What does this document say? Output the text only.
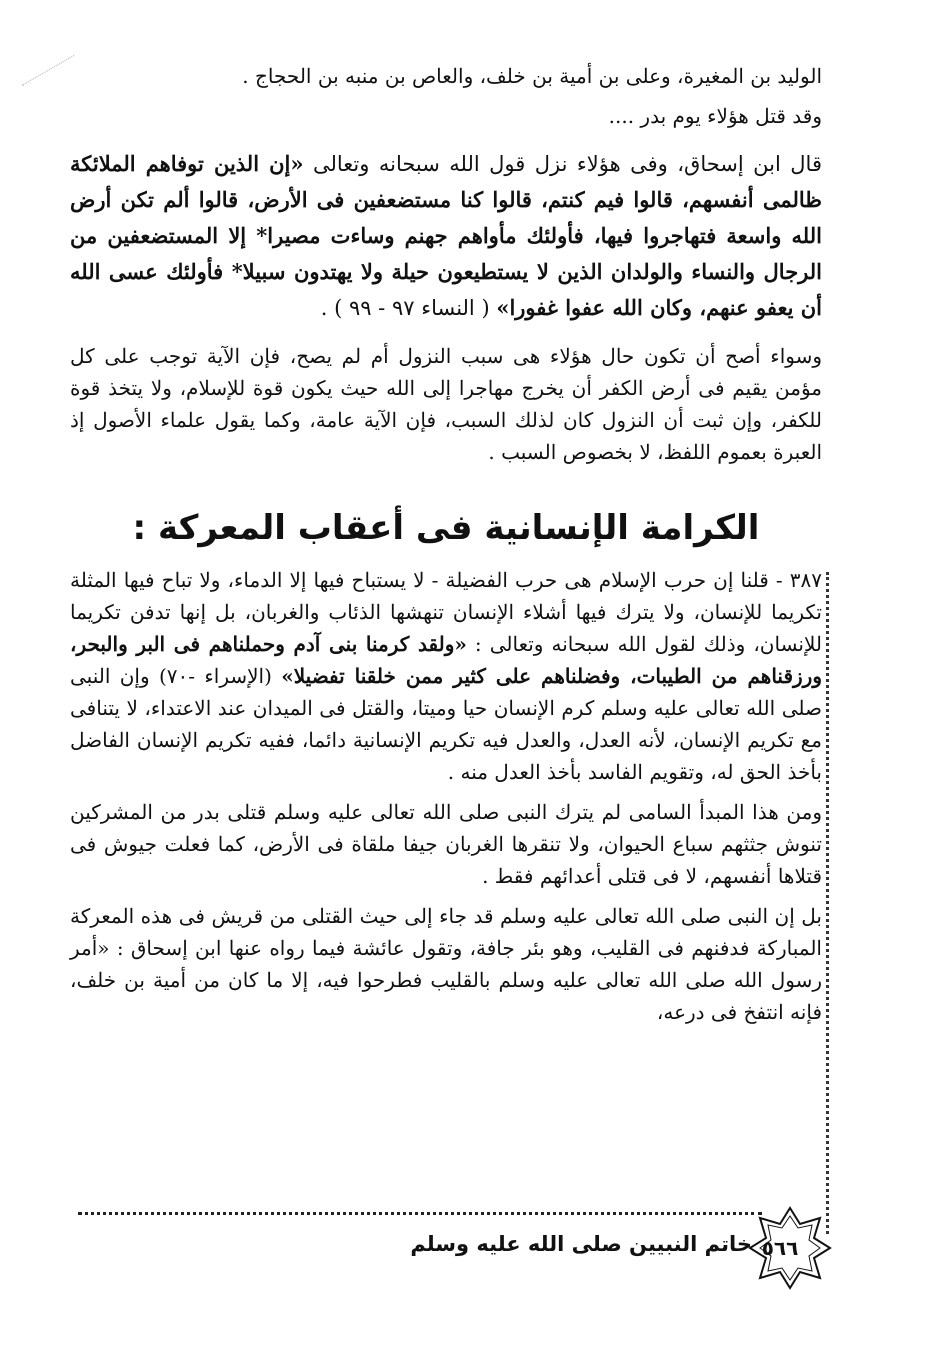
الوليد بن المغيرة، وعلى بن أمية بن خلف، والعاص بن منبه بن الحجاج .

وقد قتل هؤلاء يوم بدر ....

قال ابن إسحاق، وفى هؤلاء نزل قول الله سبحانه وتعالى «إن الذين توفاهم الملائكة ظالمى أنفسهم، قالوا فيم كنتم، قالوا كنا مستضعفين فى الأرض، قالوا ألم تكن أرض الله واسعة فتهاجروا فيها، فأولئك مأواهم جهنم وساءت مصيرا* إلا المستضعفين من الرجال والنساء والولدان الذين لا يستطيعون حيلة ولا يهتدون سبيلا* فأولئك عسى الله أن يعفو عنهم، وكان الله عفوا غفورا» ( النساء ٩٧ - ٩٩ ) .

وسواء أصح أن تكون حال هؤلاء هى سبب النزول أم لم يصح، فإن الآية توجب على كل مؤمن يقيم فى أرض الكفر أن يخرج مهاجرا إلى الله حيث يكون قوة للإسلام، ولا يتخذ قوة للكفر، وإن ثبت أن النزول كان لذلك السبب، فإن الآية عامة، وكما يقول علماء الأصول إذ العبرة بعموم اللفظ، لا بخصوص السبب .

الكرامة الإنسانية فى أعقاب المعركة :

٣٨٧ - قلنا إن حرب الإسلام هى حرب الفضيلة - لا يستباح فيها إلا الدماء، ولا تباح فيها المثلة تكريما للإنسان، ولا يترك فيها أشلاء الإنسان تنهشها الذئاب والغربان، بل إنها تدفن تكريما للإنسان، وذلك لقول الله سبحانه وتعالى : «ولقد كرمنا بنى آدم وحملناهم فى البر والبحر، ورزقناهم من الطيبات، وفضلناهم على كثير ممن خلقنا تفضيلا» (الإسراء -٧٠) وإن النبى صلى الله تعالى عليه وسلم كرم الإنسان حيا وميتا، والقتل فى الميدان عند الاعتداء، لا يتنافى مع تكريم الإنسان، لأنه العدل، والعدل فيه تكريم الإنسانية دائما، ففيه تكريم الإنسان الفاضل بأخذ الحق له، وتقويم الفاسد بأخذ العدل منه .

ومن هذا المبدأ السامى لم يترك النبى صلى الله تعالى عليه وسلم قتلى بدر من المشركين تنوش جثثهم سباع الحيوان، ولا تنقرها الغربان جيفا ملقاة فى الأرض، كما فعلت جيوش فى قتلاها أنفسهم، لا فى قتلى أعدائهم فقط .

بل إن النبى صلى الله تعالى عليه وسلم قد جاء إلى حيث القتلى من قريش فى هذه المعركة المباركة فدفنهم فى القليب، وهو بئر جافة، وتقول عائشة فيما رواه عنها ابن إسحاق : «أمر رسول الله صلى الله تعالى عليه وسلم بالقليب فطرحوا فيه، إلا ما كان من أمية بن خلف، فإنه انتفخ فى درعه،

خاتم النبيين صلى الله عليه وسلم ٥٦٦
